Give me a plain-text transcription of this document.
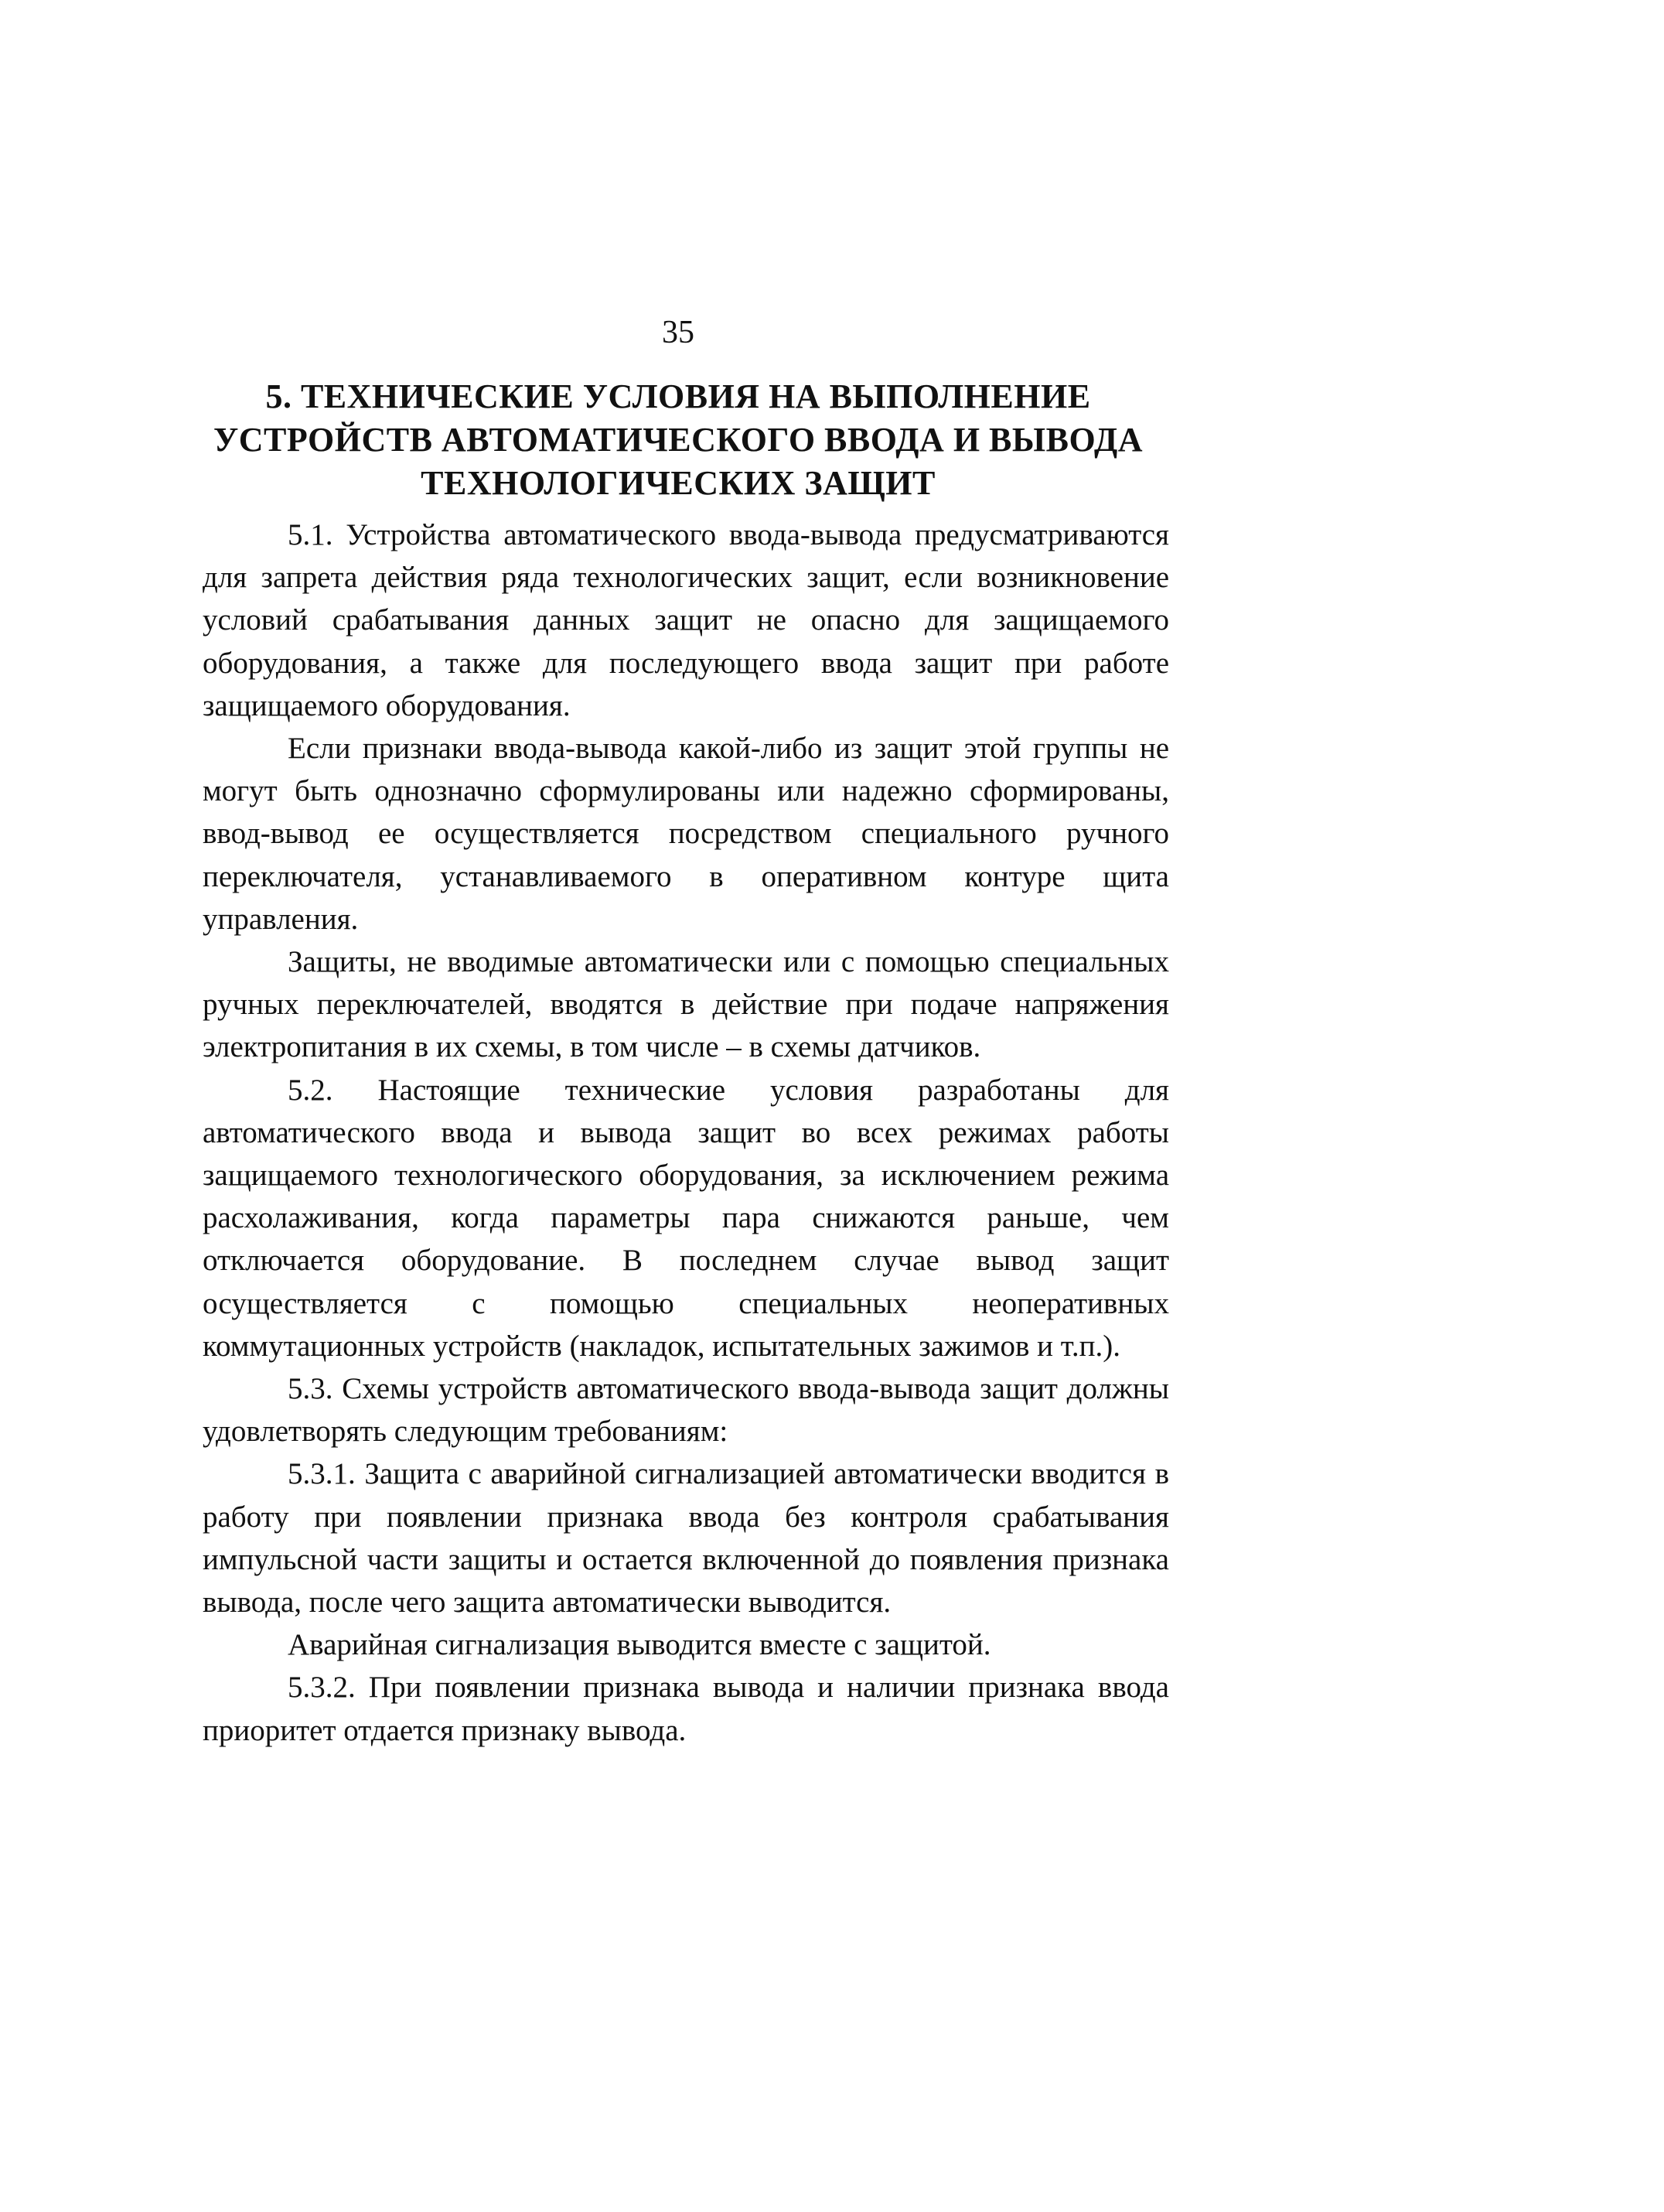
35
5. ТЕХНИЧЕСКИЕ УСЛОВИЯ НА ВЫПОЛНЕНИЕ
УСТРОЙСТВ АВТОМАТИЧЕСКОГО ВВОДА И ВЫВОДА
ТЕХНОЛОГИЧЕСКИХ ЗАЩИТ

5.1. Устройства автоматического ввода-вывода предусматриваются для запрета действия ряда технологических защит, если возникновение условий срабатывания данных защит не опасно для защищаемого оборудования, а также для последующего ввода защит при работе защищаемого оборудования.

Если признаки ввода-вывода какой-либо из защит этой группы не могут быть однозначно сформулированы или надежно сформированы, ввод-вывод ее осуществляется посредством специального ручного переключателя, устанавливаемого в оперативном контуре щита управления.

Защиты, не вводимые автоматически или с помощью специальных ручных переключателей, вводятся в действие при подаче напряжения электропитания в их схемы, в том числе – в схемы датчиков.

5.2. Настоящие технические условия разработаны для автоматического ввода и вывода защит во всех режимах работы защищаемого технологического оборудования, за исключением режима расхолаживания, когда параметры пара снижаются раньше, чем отключается оборудование. В последнем случае вывод защит осуществляется с помощью специальных неоперативных коммутационных устройств (накладок, испытательных зажимов и т.п.).

5.3. Схемы устройств автоматического ввода-вывода защит должны удовлетворять следующим требованиям:

5.3.1. Защита с аварийной сигнализацией автоматически вводится в работу при появлении признака ввода без контроля срабатывания импульсной части защиты и остается включенной до появления признака вывода, после чего защита автоматически выводится.

Аварийная сигнализация выводится вместе с защитой.

5.3.2. При появлении признака вывода и наличии признака ввода приоритет отдается признаку вывода.
